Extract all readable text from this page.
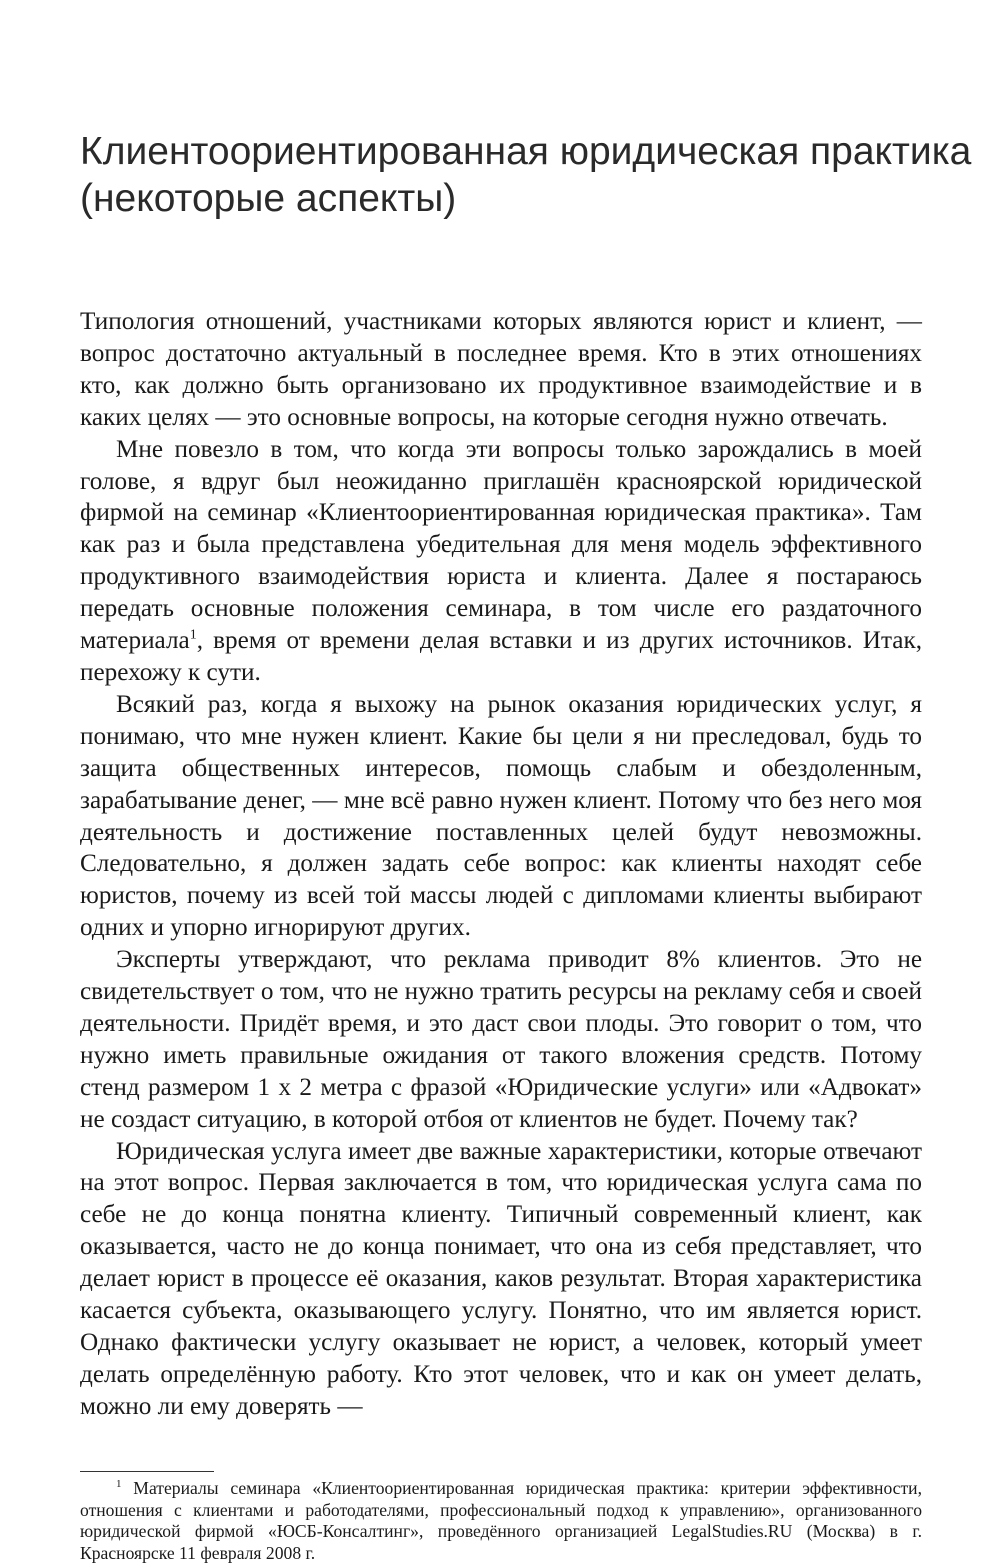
Клиентоориентированная юридическая практика
(некоторые аспекты)

Типология отношений, участниками которых являются юрист и клиент, — вопрос достаточно актуальный в последнее время. Кто в этих отношениях кто, как должно быть организовано их продуктивное взаимодействие и в каких целях — это основные вопросы, на которые сегодня нужно отвечать.

Мне повезло в том, что когда эти вопросы только зарождались в моей голове, я вдруг был неожиданно приглашён красноярской юридической фирмой на семинар «Клиентоориентированная юридическая практика». Там как раз и была представлена убедительная для меня модель эффективного продуктивного взаимодействия юриста и клиента. Далее я постараюсь передать основные положения семинара, в том числе его раздаточного материала$^1$, время от времени делая вставки и из других источников. Итак, перехожу к сути.

Всякий раз, когда я выхожу на рынок оказания юридических услуг, я понимаю, что мне нужен клиент. Какие бы цели я ни преследовал, будь то защита общественных интересов, помощь слабым и обездоленным, зарабатывание денег, — мне всё равно нужен клиент. Потому что без него моя деятельность и достижение поставленных целей будут невозможны. Следовательно, я должен задать себе вопрос: как клиенты находят себе юристов, почему из всей той массы людей с дипломами клиенты выбирают одних и упорно игнорируют других.

Эксперты утверждают, что реклама приводит 8% клиентов. Это не свидетельствует о том, что не нужно тратить ресурсы на рекламу себя и своей деятельности. Придёт время, и это даст свои плоды. Это говорит о том, что нужно иметь правильные ожидания от такого вложения средств. Потому стенд размером 1 х 2 метра с фразой «Юридические услуги» или «Адвокат» не создаст ситуацию, в которой отбоя от клиентов не будет. Почему так?

Юридическая услуга имеет две важные характеристики, которые отвечают на этот вопрос. Первая заключается в том, что юридическая услуга сама по себе не до конца понятна клиенту. Типичный современный клиент, как оказывается, часто не до конца понимает, что она из себя представляет, что делает юрист в процессе её оказания, каков результат. Вторая характеристика касается субъекта, оказывающего услугу. Понятно, что им является юрист. Однако фактически услугу оказывает не юрист, а человек, который умеет делать определённую работу. Кто этот человек, что и как он умеет делать, можно ли ему доверять —

$^1$ Материалы семинара «Клиентоориентированная юридическая практика: критерии эффективности, отношения с клиентами и работодателями, профессиональный подход к управлению», организованного юридической фирмой «ЮСБ-Консалтинг», проведённого организацией LegalStudies.RU (Москва) в г. Красноярске 11 февраля 2008 г.
